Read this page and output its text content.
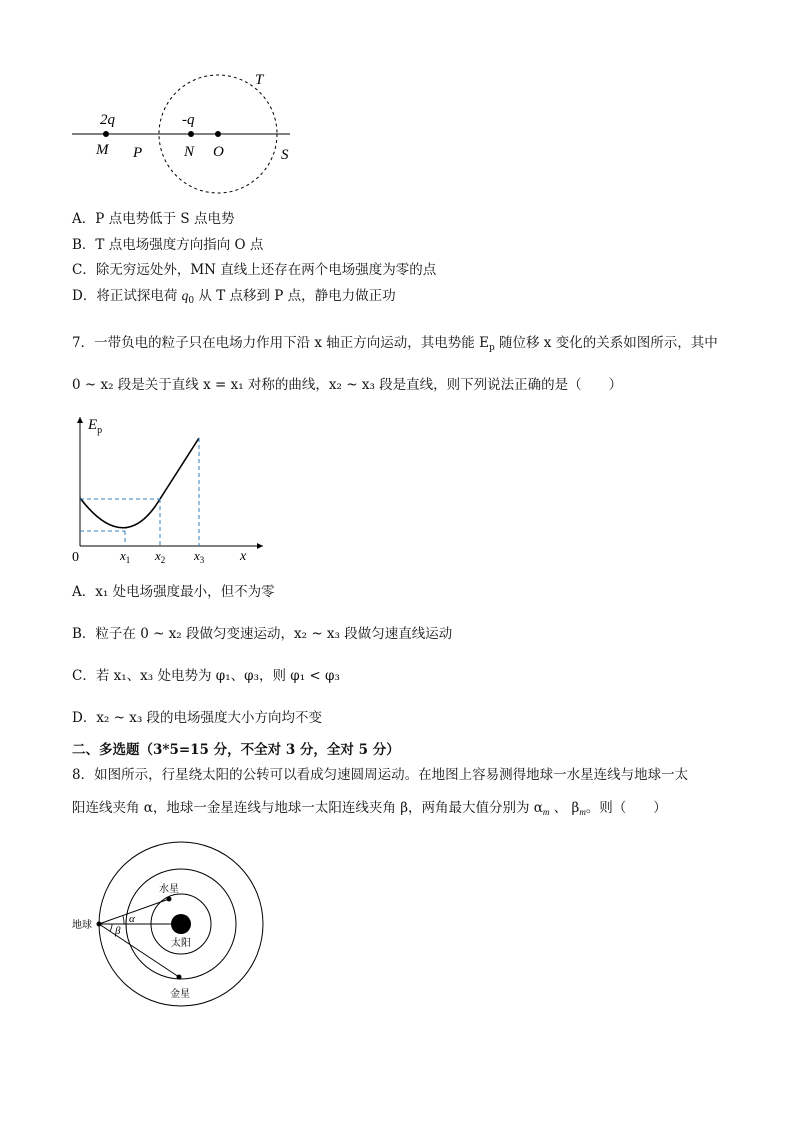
2q	-q
T
M P	N O	S
A．P 点电势低于 S 点电势
B．T 点电场强度方向指向 O 点
C．除无穷远处外，MN 直线上还存在两个电场强度为零的点
D．将正试探电荷 $q_0$ 从 T 点移到 P 点，静电力做正功
7．一带负电的粒子只在电场力作用下沿 x 轴正方向运动，其电势能 $E_p$ 随位移 x 变化的关系如图所示，其中
0 ~ x₂ 段是关于直线 x = x₁ 对称的曲线，x₂ ~ x₃ 段是直线，则下列说法正确的是（　　）
$E_p$
0	$x_1$ $x_2$ $x_3$	x
A．x₁ 处电场强度最小，但不为零
B．粒子在 0 ~ x₂ 段做匀变速运动，x₂ ~ x₃ 段做匀速直线运动
C．若 x₁、x₃ 处电势为 φ₁、φ₃，则 φ₁ < φ₃
D．x₂ ~ x₃ 段的电场强度大小方向均不变
二、多选题（3*5=15 分，不全对 3 分，全对 5 分）
8．如图所示，行星绕太阳的公转可以看成匀速圆周运动。在地图上容易测得地球一水星连线与地球一太
阳连线夹角 α，地球一金星连线与地球一太阳连线夹角 β，两角最大值分别为 $\alpha_m$ 、 $\beta_m$。则（　　）
地球
水星
金星
太阳
α
β
